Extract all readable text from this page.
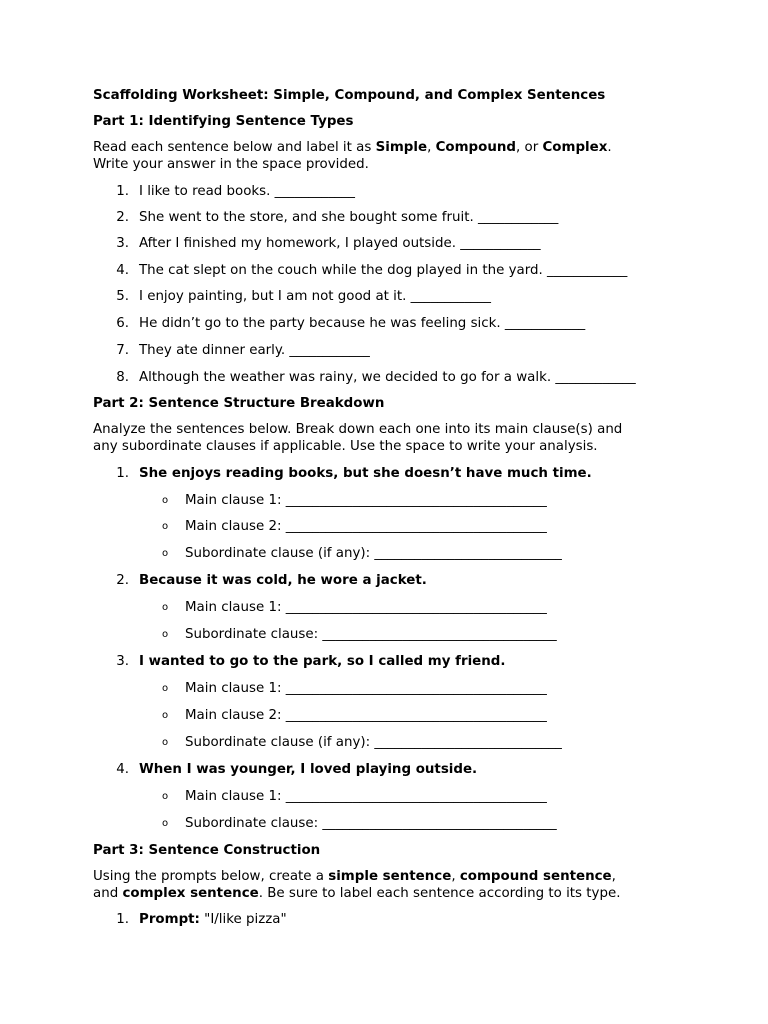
Scaffolding Worksheet: Simple, Compound, and Complex Sentences
Part 1: Identifying Sentence Types
Read each sentence below and label it as Simple, Compound, or Complex.
Write your answer in the space provided.
1. I like to read books. ____________
2. She went to the store, and she bought some fruit. ____________
3. After I finished my homework, I played outside. ____________
4. The cat slept on the couch while the dog played in the yard. ____________
5. I enjoy painting, but I am not good at it. ____________
6. He didn’t go to the party because he was feeling sick. ____________
7. They ate dinner early. ____________
8. Although the weather was rainy, we decided to go for a walk. ____________
Part 2: Sentence Structure Breakdown
Analyze the sentences below. Break down each one into its main clause(s) and
any subordinate clauses if applicable. Use the space to write your analysis.
1. She enjoys reading books, but she doesn’t have much time.
o Main clause 1: _______________________________________
o Main clause 2: _______________________________________
o Subordinate clause (if any): ____________________________
2. Because it was cold, he wore a jacket.
o Main clause 1: _______________________________________
o Subordinate clause: ___________________________________
3. I wanted to go to the park, so I called my friend.
o Main clause 1: _______________________________________
o Main clause 2: _______________________________________
o Subordinate clause (if any): ____________________________
4. When I was younger, I loved playing outside.
o Main clause 1: _______________________________________
o Subordinate clause: ___________________________________
Part 3: Sentence Construction
Using the prompts below, create a simple sentence, compound sentence,
and complex sentence. Be sure to label each sentence according to its type.
1. Prompt: "I/like pizza"
